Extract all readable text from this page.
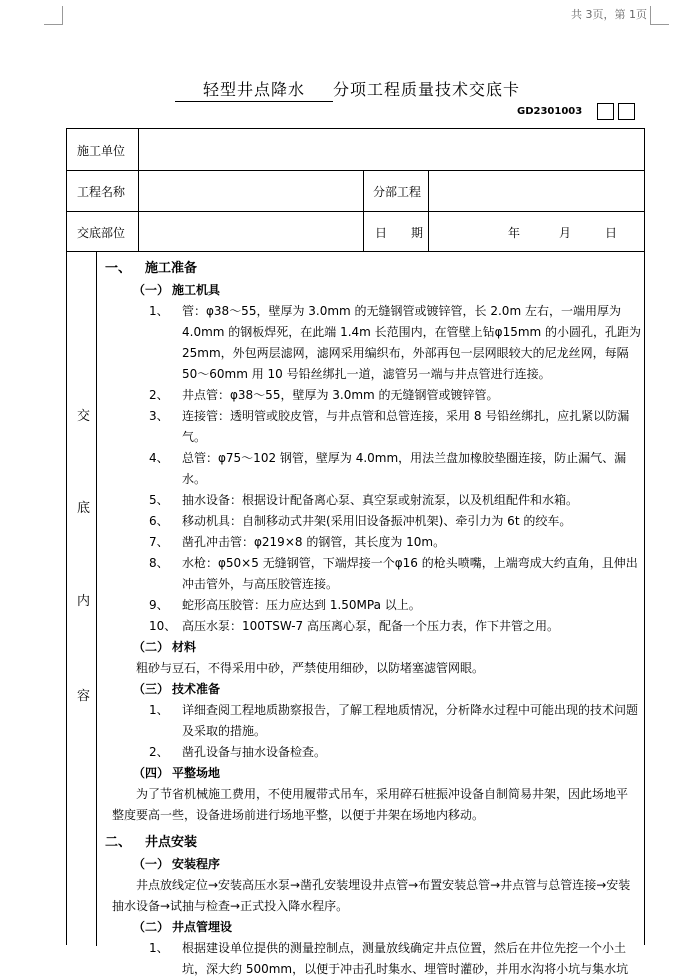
共 3页，第 1页
轻型井点降水 分项工程质量技术交底卡
GD2301003
施工单位
工程名称	分部工程
交底部位	日　　期	年	月	日
交
底
内
容
一、 施工准备
（一） 施工机具
1、 管：φ38～55，壁厚为 3.0mm 的无缝钢管或镀锌管，长 2.0m 左右，一端用厚为 4.0mm 的钢板焊死，在此端 1.4m 长范围内，在管壁上钻φ15mm 的小圆孔，孔距为 25mm，外包两层滤网，滤网采用编织布，外部再包一层网眼较大的尼龙丝网，每隔 50～60mm 用 10 号铅丝绑扎一道，滤管另一端与井点管进行连接。
2、 井点管：φ38～55，壁厚为 3.0mm 的无缝钢管或镀锌管。
3、 连接管：透明管或胶皮管，与井点管和总管连接，采用 8 号铅丝绑扎，应扎紧以防漏气。
4、 总管：φ75～102 钢管，壁厚为 4.0mm，用法兰盘加橡胶垫圈连接，防止漏气、漏水。
5、 抽水设备：根据设计配备离心泵、真空泵或射流泵，以及机组配件和水箱。
6、 移动机具：自制移动式井架(采用旧设备振冲机架)、牵引力为 6t 的绞车。
7、 凿孔冲击管：φ219×8 的钢管，其长度为 10m。
8、 水枪：φ50×5 无缝钢管，下端焊接一个φ16 的枪头喷嘴，上端弯成大约直角，且伸出冲击管外，与高压胶管连接。
9、 蛇形高压胶管：压力应达到 1.50MPa 以上。
10、 高压水泵：100TSW-7 高压离心泵，配备一个压力表，作下井管之用。
（二） 材料
粗砂与豆石，不得采用中砂，严禁使用细砂，以防堵塞滤管网眼。
（三） 技术准备
1、 详细查阅工程地质勘察报告，了解工程地质情况，分析降水过程中可能出现的技术问题及采取的措施。
2、 凿孔设备与抽水设备检查。
（四） 平整场地
为了节省机械施工费用，不使用履带式吊车，采用碎石桩振冲设备自制简易井架，因此场地平整度要高一些，设备进场前进行场地平整，以便于井架在场地内移动。
二、 井点安装
（一） 安装程序
井点放线定位→安装高压水泵→凿孔安装埋设井点管→布置安装总管→井点管与总管连接→安装抽水设备→试抽与检查→正式投入降水程序。
（二） 井点管埋设
1、 根据建设单位提供的测量控制点，测量放线确定井点位置，然后在井位先挖一个小土坑，深大约 500mm，以便于冲击孔时集水、埋管时灌砂，并用水沟将小坑与集水坑
